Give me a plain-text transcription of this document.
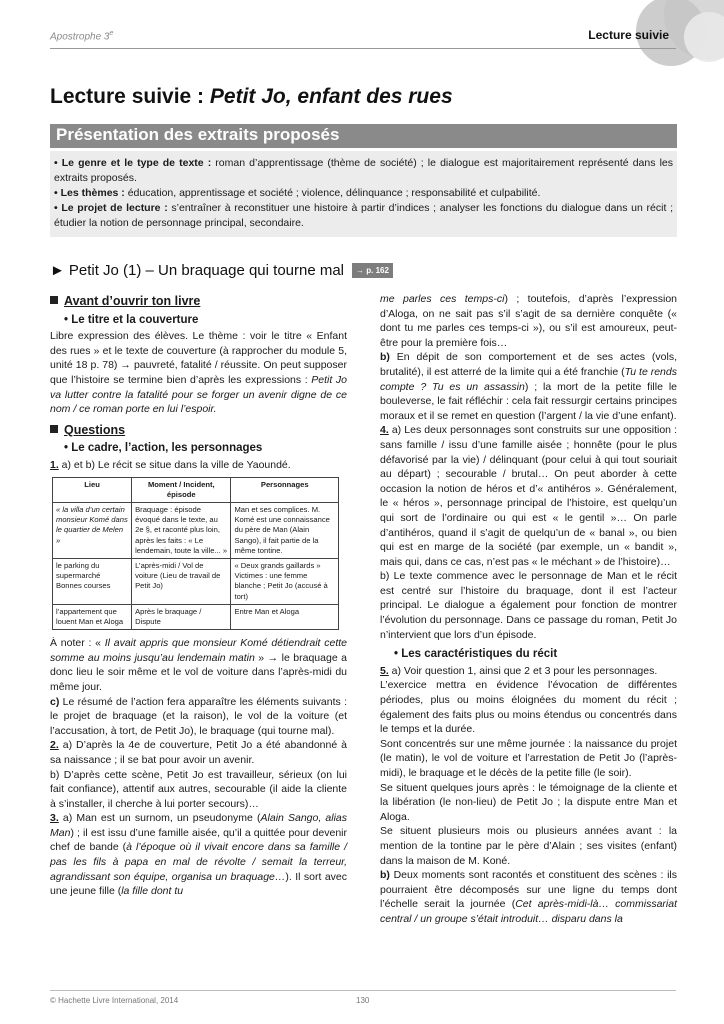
Apostrophe 3e	Lecture suivie
Lecture suivie : Petit Jo, enfant des rues
Présentation des extraits proposés

• Le genre et le type de texte : roman d’apprentissage (thème de société) ; le dialogue est majoritairement représenté dans les extraits proposés.

• Les thèmes : éducation, apprentissage et société ; violence, délinquance ; responsabilité et culpabilité.

• Le projet de lecture : s’entraîner à reconstituer une histoire à partir d’indices ; analyser les fonctions du dialogue dans un récit ; étudier la notion de personnage principal, secondaire.

► Petit Jo (1) – Un braquage qui tourne mal	→ p. 162
Avant d’ouvrir ton livre
• Le titre et la couverture

Libre expression des élèves. Le thème : voir le titre « Enfant des rues » et le texte de couverture (à rapprocher du module 5, unité 18 p. 78) → pauvreté, fatalité / réussite. On peut supposer que l’histoire se termine bien d’après les expressions : Petit Jo va lutter contre la fatalité pour se forger un avenir digne de ce nom / ce roman porte en lui l’espoir.

Questions
• Le cadre, l’action, les personnages

1. a) et b) Le récit se situe dans la ville de Yaoundé.

Lieu	Moment / Incident, épisode	Personnages
« la villa d’un certain monsieur Komé dans le quartier de Melen »	Braquage : épisode évoqué dans le texte, au 2e §, et raconté plus loin, après les faits : « Le lendemain, toute la ville... »	Man et ses complices. M. Komé est une connaissance du père de Man (Alain Sango), il fait partie de la même tontine.
le parking du supermarché Bonnes courses	L’après-midi / Vol de voiture (Lieu de travail de Petit Jo)	« Deux grands gaillards » Victimes : une femme blanche ; Petit Jo (accusé à tort)
l’appartement que louent Man et Aloga	Après le braquage / Dispute	Entre Man et Aloga

À noter : « Il avait appris que monsieur Komé détiendrait cette somme au moins jusqu’au lendemain matin » → le braquage a donc lieu le soir même et le vol de voiture dans l’après-midi du même jour.

c) Le résumé de l’action fera apparaître les éléments suivants : le projet de braquage (et la raison), le vol de la voiture (et l’accusation, à tort, de Petit Jo), le braquage (qui tourne mal).

2. a) D’après la 4e de couverture, Petit Jo a été abandonné à sa naissance ; il se bat pour avoir un avenir.

b) D’après cette scène, Petit Jo est travailleur, sérieux (on lui fait confiance), attentif aux autres, secourable (il aide la cliente à s’installer, il cherche à lui porter secours)…

3. a) Man est un surnom, un pseudonyme (Alain Sango, alias Man) ; il est issu d’une famille aisée, qu’il a quittée pour devenir chef de bande (à l’époque où il vivait encore dans sa famille / pas les fils à papa en mal de révolte / semait la terreur, agrandissant son équipe, organisa un braquage…). Il sort avec une jeune fille (la fille dont tu

me parles ces temps-ci) ; toutefois, d’après l’expression d’Aloga, on ne sait pas s’il s’agit de sa dernière conquête (« dont tu me parles ces temps-ci »), ou s’il est amoureux, peut-être pour la première fois…

b) En dépit de son comportement et de ses actes (vols, brutalité), il est atterré de la limite qui a été franchie (Tu te rends compte ? Tu es un assassin) ; la mort de la petite fille le bouleverse, le fait réfléchir : cela fait ressurgir certains principes moraux et il se remet en question (l’argent / la vie d’une enfant).

4. a) Les deux personnages sont construits sur une opposition : sans famille / issu d’une famille aisée ; honnête (pour le plus défavorisé par la vie) / délinquant (pour celui à qui tout souriait au départ) ; secourable / brutal… On peut aborder à cette occasion la notion de héros et d’« antihéros ». Généralement, le « héros », personnage principal de l’histoire, est quelqu’un qui sort de l’ordinaire ou qui est « le gentil »… On parle d’antihéros, quand il s’agit de quelqu’un de « banal », ou bien qui est en marge de la société (par exemple, un « bandit », mais qui, dans ce cas, n’est pas « le méchant » de l’histoire)…

b) Le texte commence avec le personnage de Man et le récit est centré sur l’histoire du braquage, dont il est l’acteur principal. Le dialogue a également pour fonction de montrer l’évolution du personnage. Dans ce passage du roman, Petit Jo n’intervient que lors d’un épisode.

• Les caractéristiques du récit

5. a) Voir question 1, ainsi que 2 et 3 pour les personnages.

L’exercice mettra en évidence l’évocation de différentes périodes, plus ou moins éloignées du moment du récit ; également des faits plus ou moins étendus ou concentrés dans le temps et la durée.

Sont concentrés sur une même journée : la naissance du projet (le matin), le vol de voiture et l’arrestation de Petit Jo (l’après-midi), le braquage et le décès de la petite fille (le soir).

Se situent quelques jours après : le témoignage de la cliente et la libération (le non-lieu) de Petit Jo ; la dispute entre Man et Aloga.

Se situent plusieurs mois ou plusieurs années avant : la mention de la tontine par le père d’Alain ; ses visites (enfant) dans la maison de M. Koné.

b) Deux moments sont racontés et constituent des scènes : ils pourraient être décomposés sur une ligne du temps dont l’échelle serait la journée (Cet après-midi-là… commissariat central / un groupe s’était introduit… disparu dans la

© Hachette Livre International, 2014	130
